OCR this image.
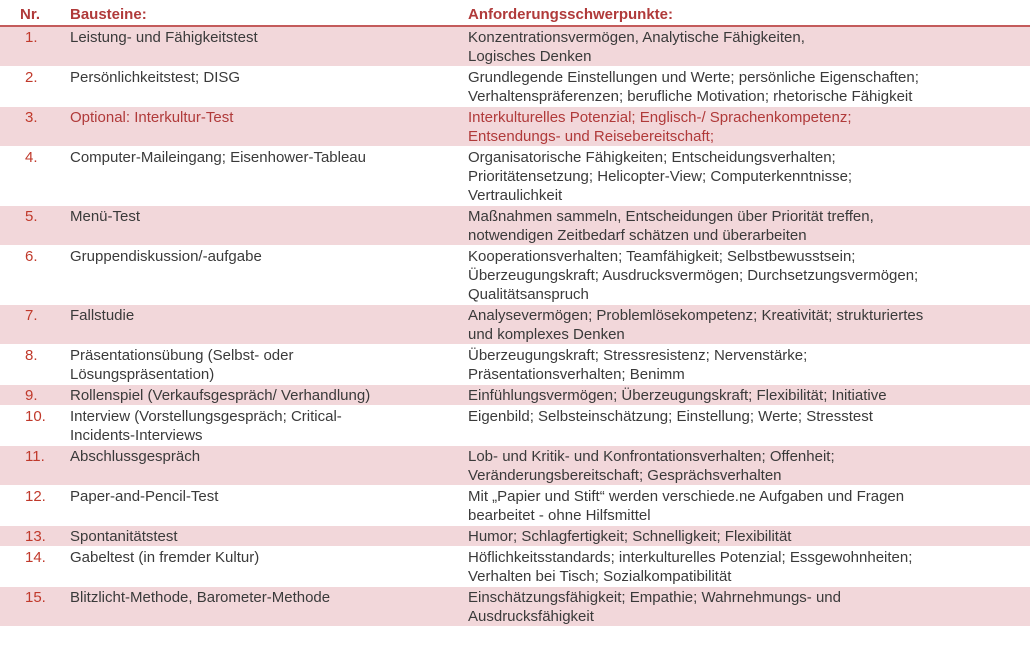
Nr.	Bausteine:	Anforderungsschwerpunkte:
1.	Leistung- und Fähigkeitstest	Konzentrationsvermögen, Analytische Fähigkeiten,
Logisches Denken

2.	Persönlichkeitstest; DISG	Grundlegende Einstellungen und Werte; persönliche Eigenschaften;
Verhaltenspräferenzen; berufliche Motivation; rhetorische Fähigkeit

3.	Optional: Interkultur-Test	Interkulturelles Potenzial; Englisch-/ Sprachenkompetenz;
Entsendungs- und Reisebereitschaft;

4.	Computer-Maileingang; Eisenhower-Tableau	Organisatorische Fähigkeiten; Entscheidungsverhalten;
Prioritätensetzung; Helicopter-View; Computerkenntnisse;
Vertraulichkeit

5.	Menü-Test	Maßnahmen sammeln, Entscheidungen über Priorität treffen,
notwendigen Zeitbedarf schätzen und überarbeiten

6.	Gruppendiskussion/-aufgabe	Kooperationsverhalten; Teamfähigkeit; Selbstbewusstsein;
Überzeugungskraft; Ausdrucksvermögen; Durchsetzungsvermögen;
Qualitätsanspruch

7.	Fallstudie	Analysevermögen; Problemlösekompetenz; Kreativität; strukturiertes
und komplexes Denken

8.	Präsentationsübung (Selbst- oder
Lösungspräsentation)	Überzeugungskraft; Stressresistenz; Nervenstärke;
Präsentationsverhalten; Benimm

9.	Rollenspiel (Verkaufsgespräch/ Verhandlung)	Einfühlungsvermögen; Überzeugungskraft; Flexibilität; Initiative

10.	Interview (Vorstellungsgespräch; Critical-
Incidents-Interviews	Eigenbild; Selbsteinschätzung; Einstellung; Werte; Stresstest

11.	Abschlussgespräch	Lob- und Kritik- und Konfrontationsverhalten; Offenheit;
Veränderungsbereitschaft; Gesprächsverhalten

12.	Paper-and-Pencil-Test	Mit „Papier und Stift“ werden verschiede.ne Aufgaben und Fragen
bearbeitet - ohne Hilfsmittel

13.	Spontanitätstest	Humor; Schlagfertigkeit; Schnelligkeit; Flexibilität

14.	Gabeltest (in fremder Kultur)	Höflichkeitsstandards; interkulturelles Potenzial; Essgewohnheiten;
Verhalten bei Tisch; Sozialkompatibilität

15.	Blitzlicht-Methode, Barometer-Methode	Einschätzungsfähigkeit; Empathie; Wahrnehmungs- und
Ausdrucksfähigkeit
